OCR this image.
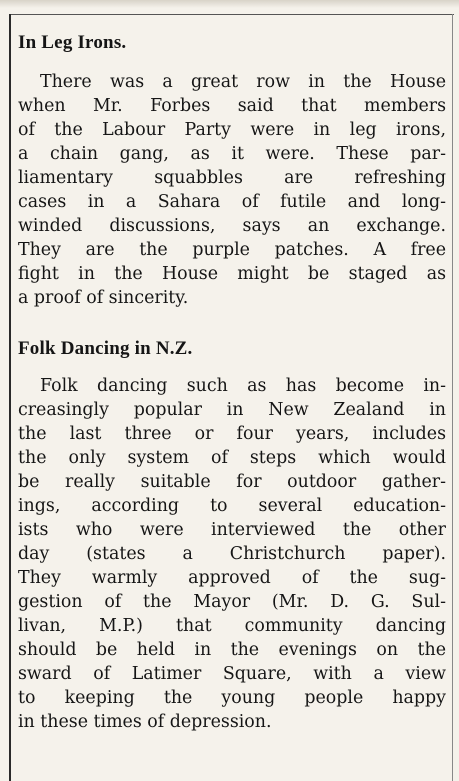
In Leg Irons.
There was a great row in the House
when Mr. Forbes said that members
of the Labour Party were in leg irons,
a chain gang, as it were. These par-
liamentary squabbles are refreshing
cases in a Sahara of futile and long-
winded discussions, says an exchange.
They are the purple patches. A free
fight in the House might be staged as
a proof of sincerity.
Folk Dancing in N.Z.
Folk dancing such as has become in-
creasingly popular in New Zealand in
the last three or four years, includes
the only system of steps which would
be really suitable for outdoor gather-
ings, according to several education-
ists who were interviewed the other
day (states a Christchurch paper).
They warmly approved of the sug-
gestion of the Mayor (Mr. D. G. Sul-
livan, M.P.) that community dancing
should be held in the evenings on the
sward of Latimer Square, with a view
to keeping the young people happy
in these times of depression.
